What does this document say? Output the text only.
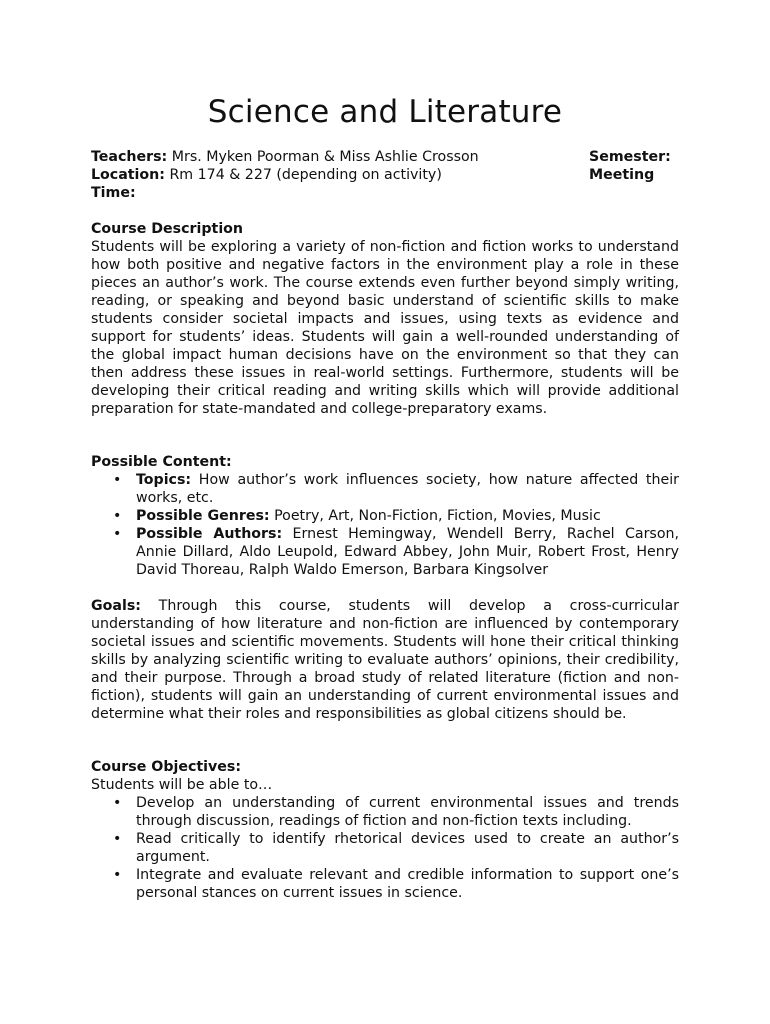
Science and Literature
Teachers: Mrs. Myken Poorman & Miss Ashlie Crosson
Location: Rm 174 & 227 (depending on activity)
Time:
Semester:
Meeting

Course Description

Students will be exploring a variety of non-fiction and fiction works to understand how both positive and negative factors in the environment play a role in these pieces an author’s work. The course extends even further beyond simply writing, reading, or speaking and beyond basic understand of scientific skills to make students consider societal impacts and issues, using texts as evidence and support for students’ ideas. Students will gain a well-rounded understanding of the global impact human decisions have on the environment so that they can then address these issues in real-world settings. Furthermore, students will be developing their critical reading and writing skills which will provide additional preparation for state-mandated and college-preparatory exams.

Possible Content:

• Topics: How author’s work influences society, how nature affected their works, etc.
• Possible Genres: Poetry, Art, Non-Fiction, Fiction, Movies, Music
• Possible Authors: Ernest Hemingway, Wendell Berry, Rachel Carson, Annie Dillard, Aldo Leupold, Edward Abbey, John Muir, Robert Frost, Henry David Thoreau, Ralph Waldo Emerson, Barbara Kingsolver

Goals: Through this course, students will develop a cross-curricular understanding of how literature and non-fiction are influenced by contemporary societal issues and scientific movements. Students will hone their critical thinking skills by analyzing scientific writing to evaluate authors’ opinions, their credibility, and their purpose. Through a broad study of related literature (fiction and non-fiction), students will gain an understanding of current environmental issues and determine what their roles and responsibilities as global citizens should be.

Course Objectives:

Students will be able to…

• Develop an understanding of current environmental issues and trends through discussion, readings of fiction and non-fiction texts including.
• Read critically to identify rhetorical devices used to create an author’s argument.
• Integrate and evaluate relevant and credible information to support one’s personal stances on current issues in science.
